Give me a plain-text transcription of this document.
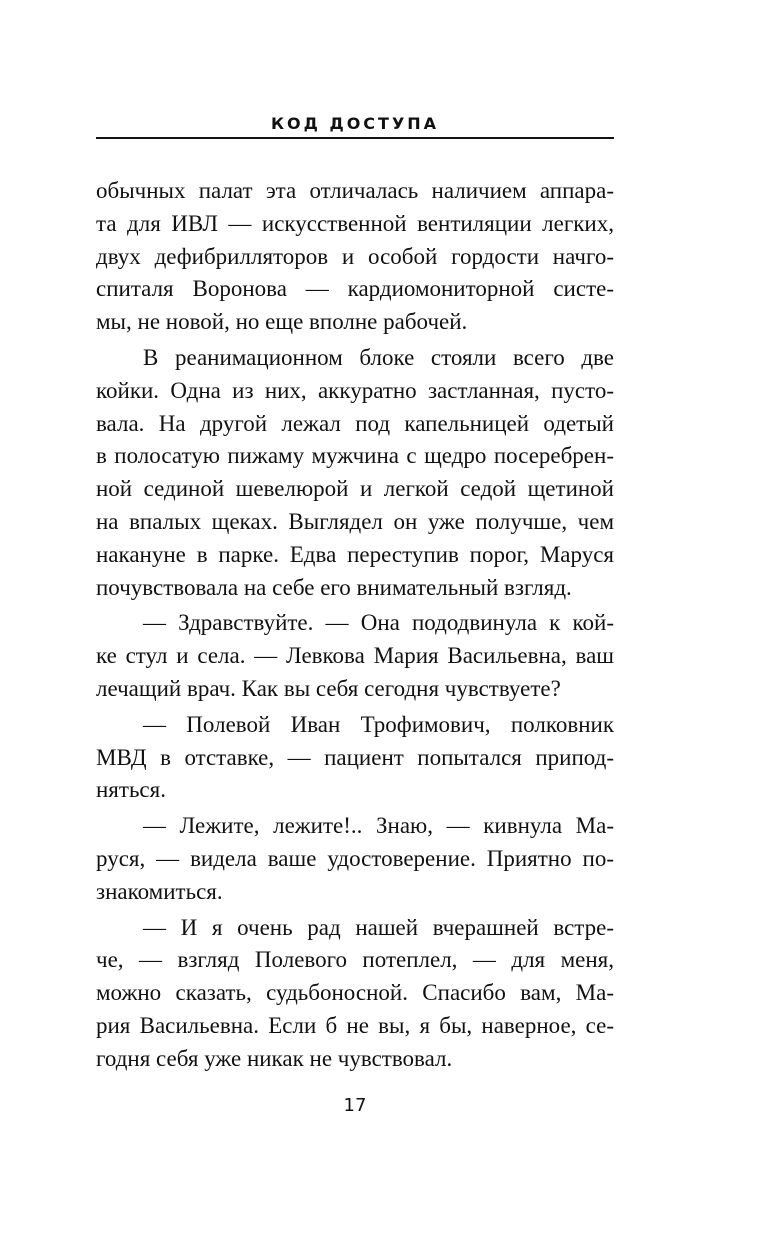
КОД ДОСТУПА
обычных палат эта отличалась наличием аппара-
та для ИВЛ — искусственной вентиляции легких,
двух дефибрилляторов и особой гордости начго-
спиталя Воронова — кардиомониторной систе-
мы, не новой, но еще вполне рабочей.
В реанимационном блоке стояли всего две
койки. Одна из них, аккуратно застланная, пусто-
вала. На другой лежал под капельницей одетый
в полосатую пижаму мужчина с щедро посеребрен-
ной сединой шевелюрой и легкой седой щетиной
на впалых щеках. Выглядел он уже получше, чем
накануне в парке. Едва переступив порог, Маруся
почувствовала на себе его внимательный взгляд.
— Здравствуйте. — Она пододвинула к кой-
ке стул и села. — Левкова Мария Васильевна, ваш
лечащий врач. Как вы себя сегодня чувствуете?
— Полевой Иван Трофимович, полковник
МВД в отставке, — пациент попытался припод-
няться.
— Лежите, лежите!.. Знаю, — кивнула Ма-
руся, — видела ваше удостоверение. Приятно по-
знакомиться.
— И я очень рад нашей вчерашней встре-
че, — взгляд Полевого потеплел, — для меня,
можно сказать, судьбоносной. Спасибо вам, Ма-
рия Васильевна. Если б не вы, я бы, наверное, се-
годня себя уже никак не чувствовал.
17
